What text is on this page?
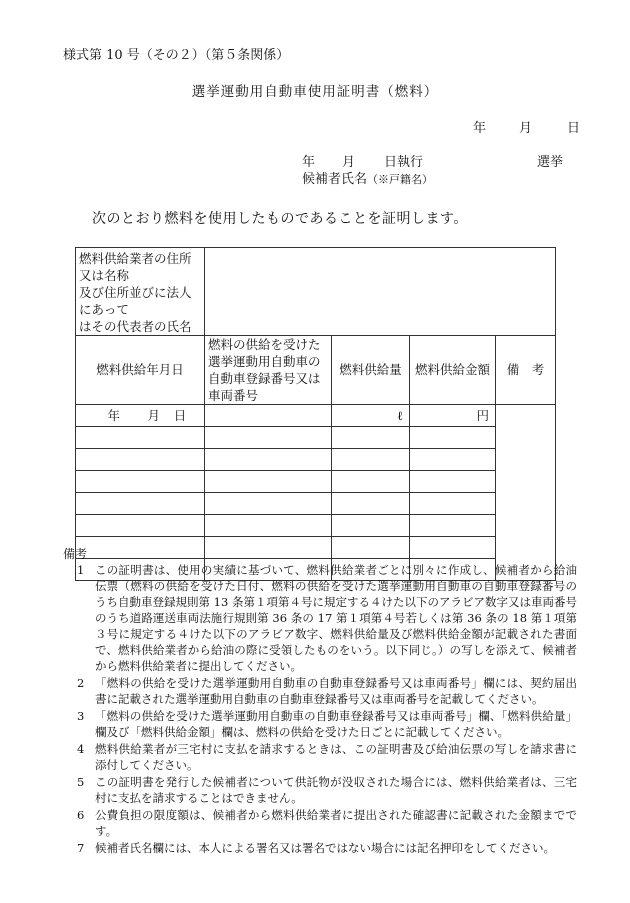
様式第 10 号（その２）（第５条関係）
選挙運動用自動車使用証明書（燃料）
年	月	日
年 月 日執行	選挙
候補者氏名（※戸籍名）
次のとおり燃料を使用したものであることを証明します。
燃料供給業者の住所又は名称
及び住所並びに法人にあって
はその代表者の氏名				

燃料供給年月日	燃料の供給を受けた
選挙運動用自動車の
自動車登録番号又は
車両番号	燃料供給量	燃料供給金額	備　考
年 月 日		ℓ	円	

備考
1 この証明書は、使用の実績に基づいて、燃料供給業者ごとに別々に作成し、候補者から給油伝票（燃料の供給を受けた日付、燃料の供給を受けた選挙運動用自動車の自動車登録番号のうち自動車登録規則第 13 条第１項第４号に規定する４けた以下のアラビア数字又は車両番号のうち道路運送車両法施行規則第 36 条の 17 第１項第４号若しくは第 36 条の 18 第１項第３号に規定する４けた以下のアラビア数字、燃料供給量及び燃料供給金額が記載された書面で、燃料供給業者から給油の際に受領したものをいう。以下同じ。）の写しを添えて、候補者から燃料供給業者に提出してください。
2 「燃料の供給を受けた選挙運動用自動車の自動車登録番号又は車両番号」欄には、契約届出書に記載された選挙運動用自動車の自動車登録番号又は車両番号を記載してください。
3 「燃料の供給を受けた選挙運動用自動車の自動車登録番号又は車両番号」欄、「燃料供給量」欄及び「燃料供給金額」欄は、燃料の供給を受けた日ごとに記載してください。
4 燃料供給業者が三宅村に支払を請求するときは、この証明書及び給油伝票の写しを請求書に添付してください。
5 この証明書を発行した候補者について供託物が没収された場合には、燃料供給業者は、三宅村に支払を請求することはできません。
6 公費負担の限度額は、候補者から燃料供給業者に提出された確認書に記載された金額までです。
7 候補者氏名欄には、本人による署名又は署名ではない場合には記名押印をしてください。
